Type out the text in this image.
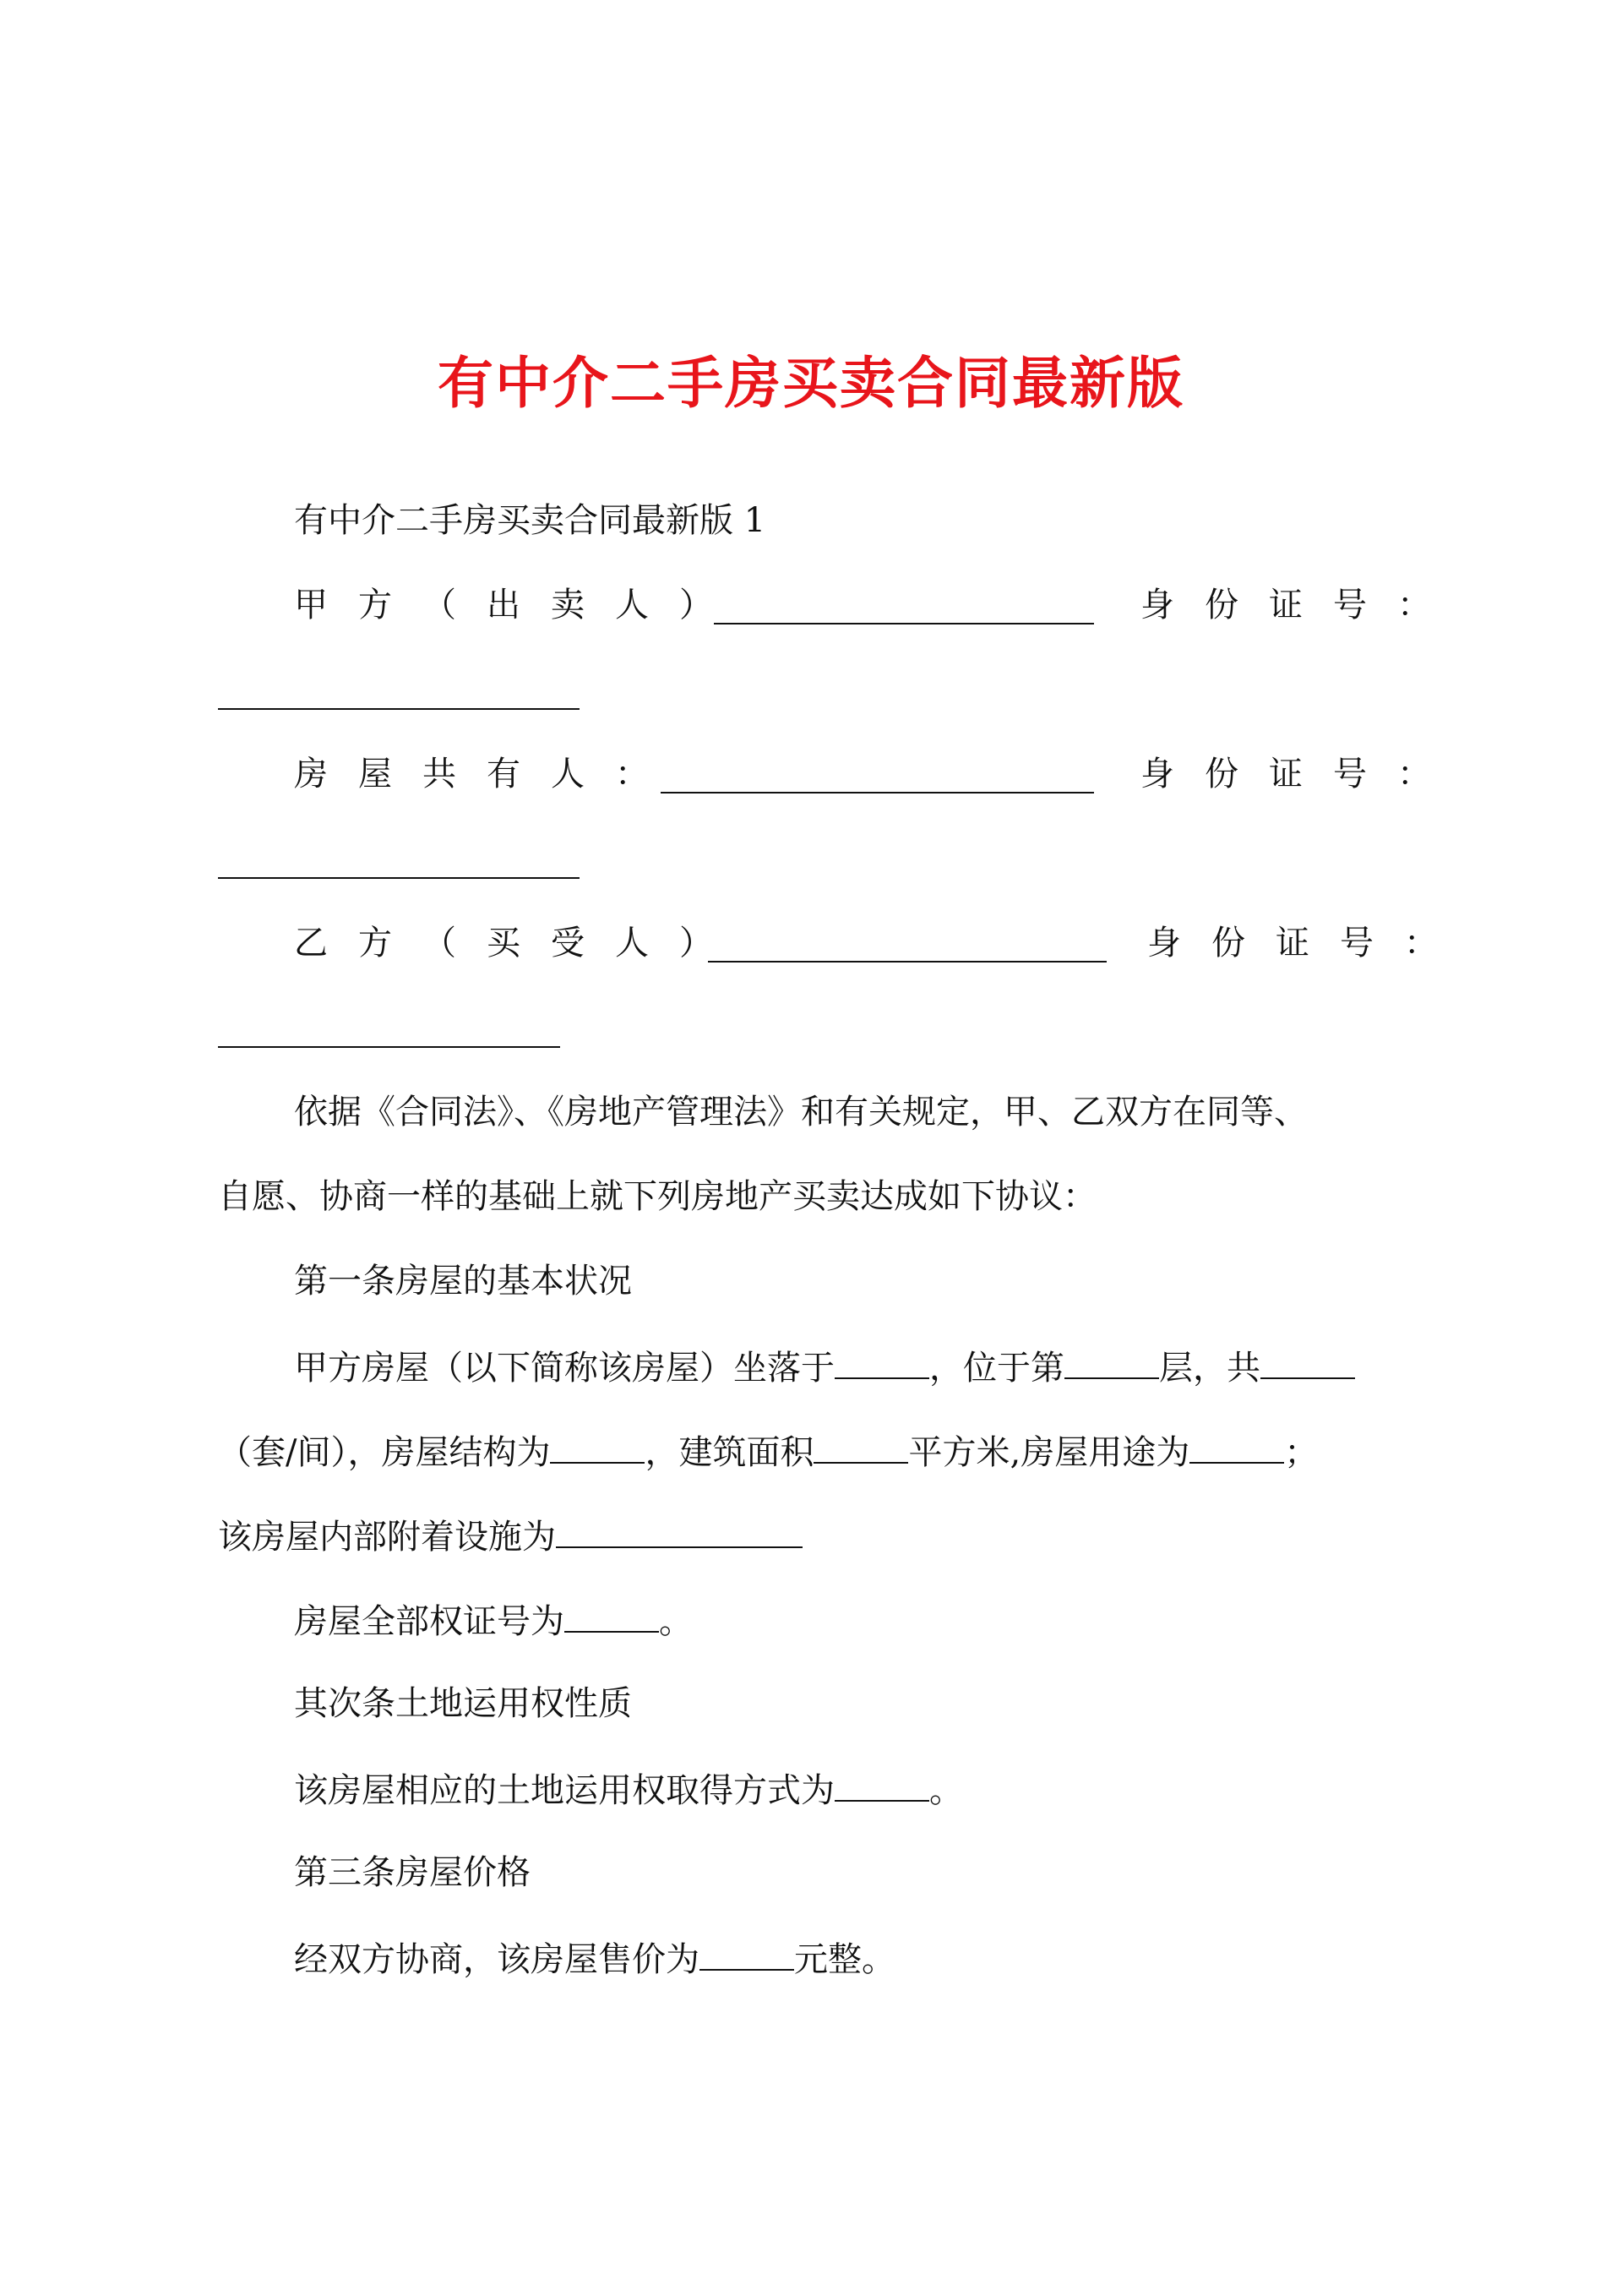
有中介二手房买卖合同最新版
有中介二手房买卖合同最新版 1
甲方（出卖人）	身份证号：
房屋共有人：	身份证号：
乙方（买受人）	身份证号：
依据《合同法》、《房地产管理法》和有关规定，甲、乙双方在同等、
自愿、协商一样的基础上就下列房地产买卖达成如下协议：
第一条房屋的基本状况
甲方房屋（以下简称该房屋）坐落于	，位于第	层，共
（套/间），房屋结构为	，建筑面积	平方米,房屋用途为	；
该房屋内部附着设施为
房屋全部权证号为	。
其次条土地运用权性质
该房屋相应的土地运用权取得方式为	。
第三条房屋价格
经双方协商，该房屋售价为	元整。
